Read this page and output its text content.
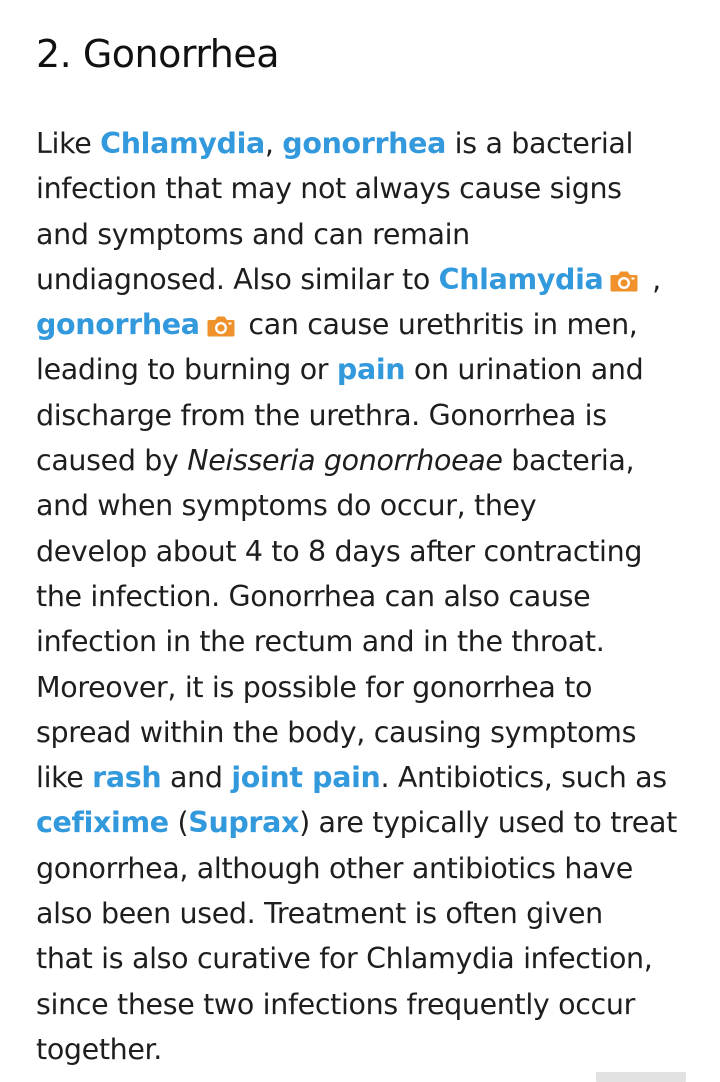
2. Gonorrhea
Like Chlamydia, gonorrhea is a bacterial
infection that may not always cause signs
and symptoms and can remain
undiagnosed. Also similar to Chlamydia
,
gonorrhea
can cause urethritis in men,
leading to burning or pain on urination and
discharge from the urethra. Gonorrhea is
caused by Neisseria gonorrhoeae bacteria,
and when symptoms do occur, they
develop about 4 to 8 days after contracting
the infection. Gonorrhea can also cause
infection in the rectum and in the throat.
Moreover, it is possible for gonorrhea to
spread within the body, causing symptoms
like rash and joint pain. Antibiotics, such as
cefixime (Suprax) are typically used to treat
gonorrhea, although other antibiotics have
also been used. Treatment is often given
that is also curative for Chlamydia infection,
since these two infections frequently occur
together.
